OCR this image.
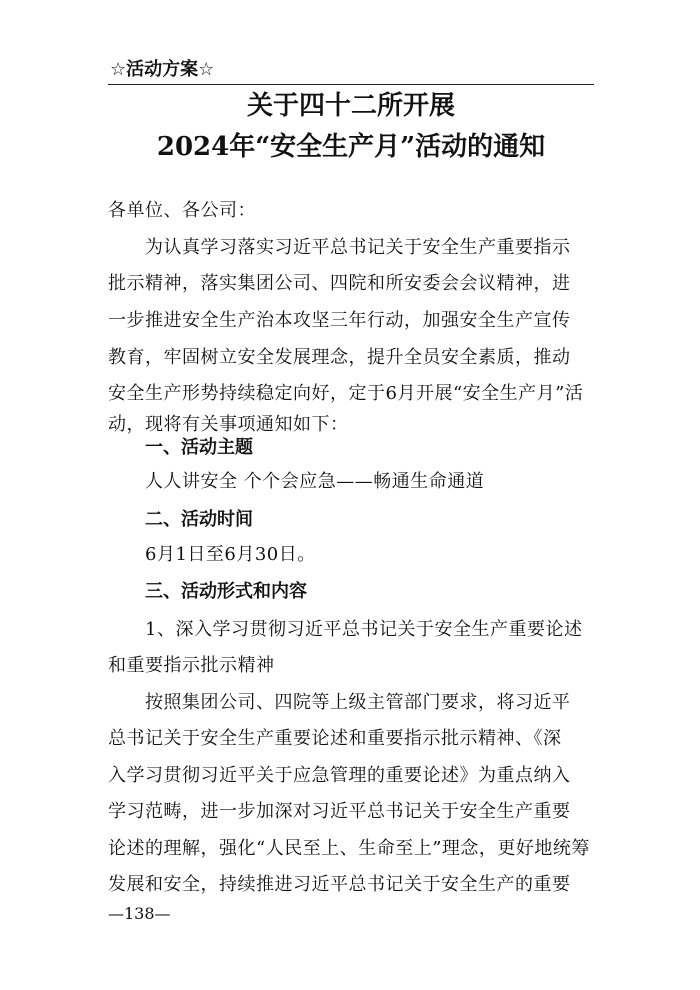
☆活动方案☆
关于四十二所开展
2024年“安全生产月”活动的通知
各单位、各公司：
为认真学习落实习近平总书记关于安全生产重要指示
批示精神，落实集团公司、四院和所安委会会议精神，进
一步推进安全生产治本攻坚三年行动，加强安全生产宣传
教育，牢固树立安全发展理念，提升全员安全素质，推动
安全生产形势持续稳定向好，定于6月开展“安全生产月”活
动，现将有关事项通知如下：
一、活动主题
人人讲安全 个个会应急——畅通生命通道
二、活动时间
6月1日至6月30日。
三、活动形式和内容
1、深入学习贯彻习近平总书记关于安全生产重要论述
和重要指示批示精神
按照集团公司、四院等上级主管部门要求，将习近平
总书记关于安全生产重要论述和重要指示批示精神、《深
入学习贯彻习近平关于应急管理的重要论述》为重点纳入
学习范畴，进一步加深对习近平总书记关于安全生产重要
论述的理解，强化“人民至上、生命至上”理念，更好地统筹
发展和安全，持续推进习近平总书记关于安全生产的重要
—138—
